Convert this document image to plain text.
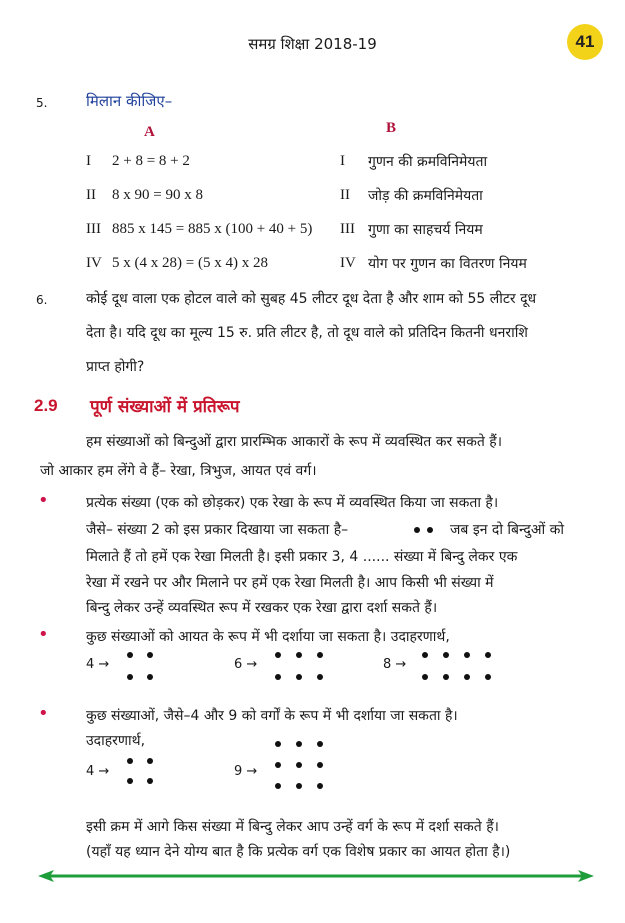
समग्र शिक्षा 2018-19	41
5.	मिलान कीजिए–
A	B
I 2 + 8 = 8 + 2	I गुणन की क्रमविनिमेयता
II 8 x 90 = 90 x 8	II जोड़ की क्रमविनिमेयता
III 885 x 145 = 885 x (100 + 40 + 5) III गुणा का साहचर्य नियम
IV 5 x (4 x 28) = (5 x 4) x 28	IV योग पर गुणन का वितरण नियम
6.	कोई दूध वाला एक होटल वाले को सुबह 45 लीटर दूध देता है और शाम को 55 लीटर दूध
देता है। यदि दूध का मूल्य 15 रु. प्रति लीटर है, तो दूध वाले को प्रतिदिन कितनी धनराशि
प्राप्त होगी?
2.9 पूर्ण संख्याओं में प्रतिरूप
हम संख्याओं को बिन्दुओं द्वारा प्रारम्भिक आकारों के रूप में व्यवस्थित कर सकते हैं।
जो आकार हम लेंगे वे हैं– रेखा, त्रिभुज, आयत एवं वर्ग।
•	प्रत्येक संख्या (एक को छोड़कर) एक रेखा के रूप में व्यवस्थित किया जा सकता है।
जैसे– संख्या 2 को इस प्रकार दिखाया जा सकता है–	जब इन दो बिन्दुओं को
मिलाते हैं तो हमें एक रेखा मिलती है। इसी प्रकार 3, 4 ...... संख्या में बिन्दु लेकर एक
रेखा में रखने पर और मिलाने पर हमें एक रेखा मिलती है। आप किसी भी संख्या में
बिन्दु लेकर उन्हें व्यवस्थित रूप में रखकर एक रेखा द्वारा दर्शा सकते हैं।
•	कुछ संख्याओं को आयत के रूप में भी दर्शाया जा सकता है। उदाहरणार्थ,
4 →	6 →	8 →
•	कुछ संख्याओं, जैसे–4 और 9 को वर्गों के रूप में भी दर्शाया जा सकता है।
उदाहरणार्थ,
4 →	9 →
इसी क्रम में आगे किस संख्या में बिन्दु लेकर आप उन्हें वर्ग के रूप में दर्शा सकते हैं।
(यहाँ यह ध्यान देने योग्य बात है कि प्रत्येक वर्ग एक विशेष प्रकार का आयत होता है।)
